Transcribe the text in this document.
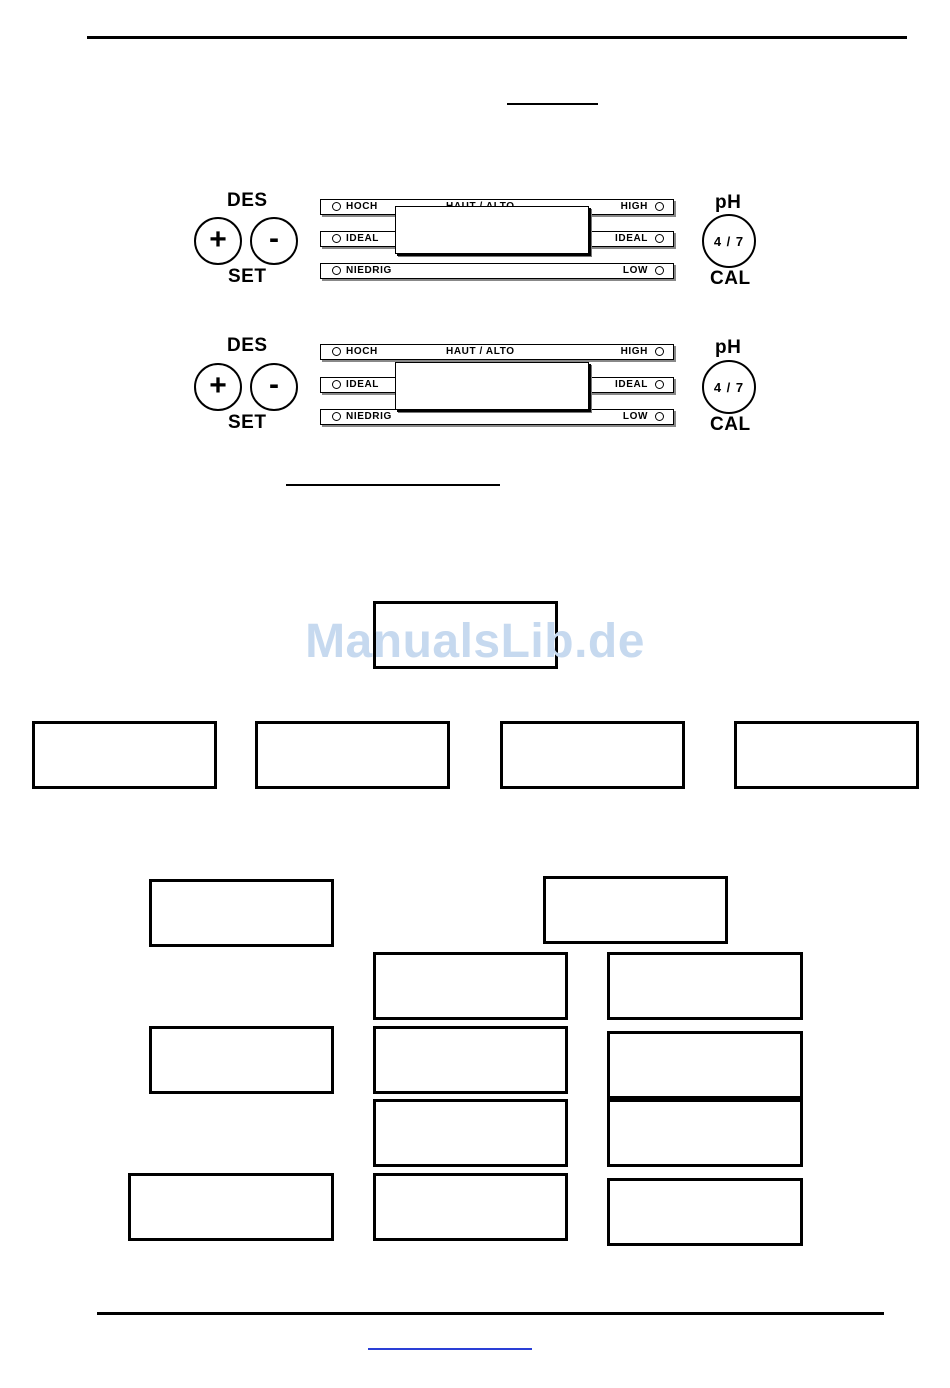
DES
+ -
SET
HOCH	HIGH
IDEAL	IDEAL
NIEDRIG	LOW
pH
4 / 7
CAL
DES
+ -
SET
HOCH	HAUT / ALTO	HIGH
IDEAL	IDEAL
NIEDRIG	LOW
pH
4 / 7
CAL
ManualsLib.de
